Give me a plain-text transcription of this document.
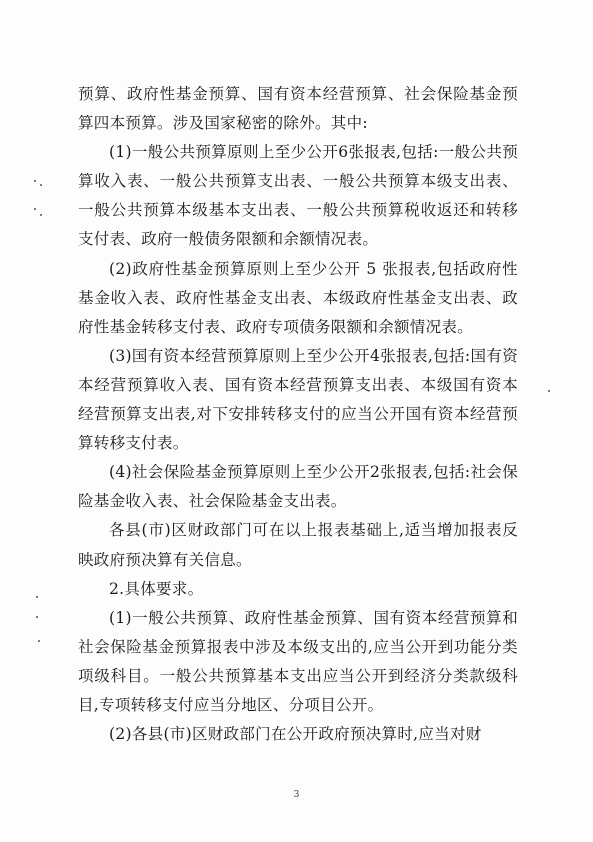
预算、政府性基金预算、国有资本经营预算、社会保险基金预算四本预算。涉及国家秘密的除外。其中:

(1)一般公共预算原则上至少公开6张报表,包括:一般公共预算收入表、一般公共预算支出表、一般公共预算本级支出表、一般公共预算本级基本支出表、一般公共预算税收返还和转移支付表、政府一般债务限额和余额情况表。

(2)政府性基金预算原则上至少公开 5 张报表,包括政府性基金收入表、政府性基金支出表、本级政府性基金支出表、政府性基金转移支付表、政府专项债务限额和余额情况表。

(3)国有资本经营预算原则上至少公开4张报表,包括:国有资本经营预算收入表、国有资本经营预算支出表、本级国有资本经营预算支出表,对下安排转移支付的应当公开国有资本经营预算转移支付表。

(4)社会保险基金预算原则上至少公开2张报表,包括:社会保险基金收入表、社会保险基金支出表。

各县(市)区财政部门可在以上报表基础上,适当增加报表反映政府预决算有关信息。

2.具体要求。

(1)一般公共预算、政府性基金预算、国有资本经营预算和社会保险基金预算报表中涉及本级支出的,应当公开到功能分类项级科目。一般公共预算基本支出应当公开到经济分类款级科目,专项转移支付应当分地区、分项目公开。

(2)各县(市)区财政部门在公开政府预决算时,应当对财

3
